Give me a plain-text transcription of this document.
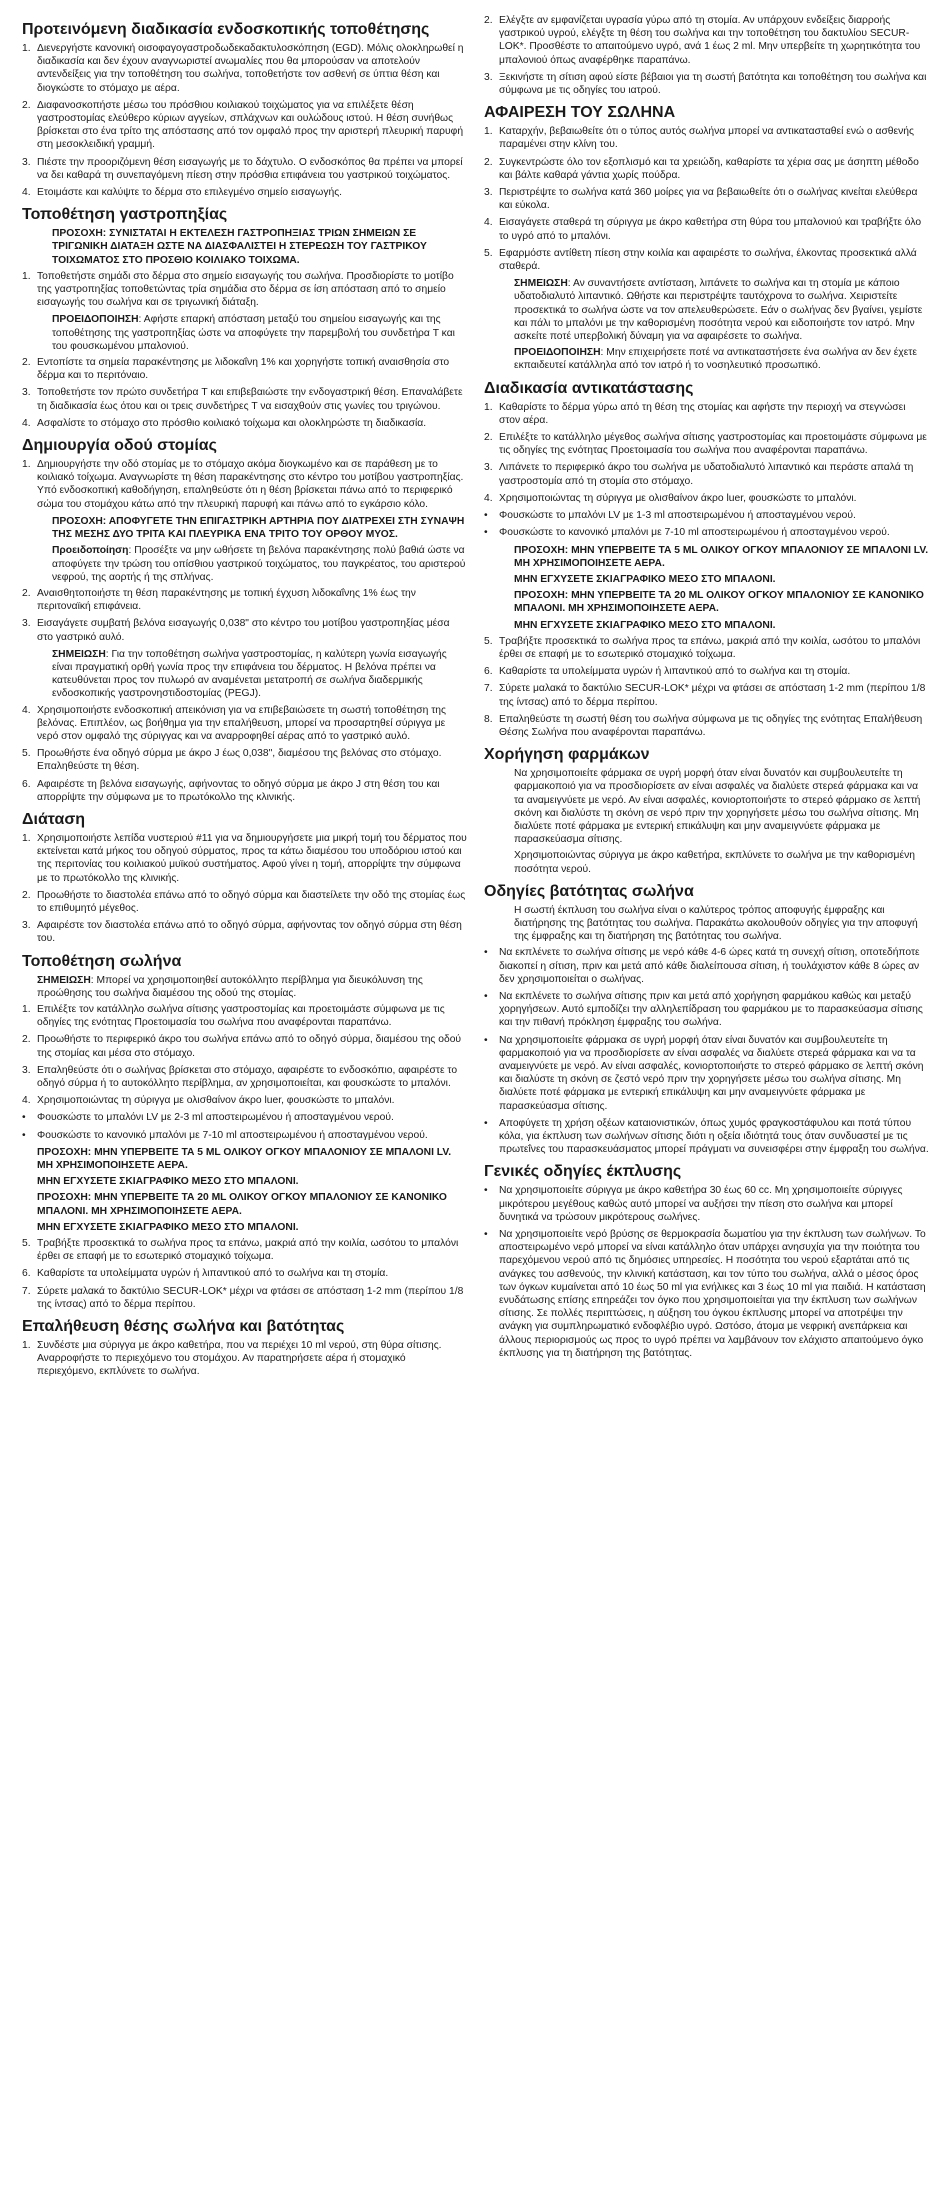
Προτεινόμενη διαδικασία ενδοσκοπικής τοποθέτησης
1. Διενεργήστε κανονική οισοφαγογαστροδωδεκαδακτυλοσκόπηση (EGD). Μόλις ολοκληρωθεί η διαδικασία και δεν έχουν αναγνωριστεί ανωμαλίες που θα μπορούσαν να αποτελούν αντενδείξεις για την τοποθέτηση του σωλήνα, τοποθετήστε τον ασθενή σε ύπτια θέση και διογκώστε το στόμαχο με αέρα.
2. Διαφανοσκοπήστε μέσω του πρόσθιου κοιλιακού τοιχώματος για να επιλέξετε θέση γαστροστομίας ελεύθερο κύριων αγγείων, σπλάχνων και ουλώδους ιστού. Η θέση συνήθως βρίσκεται στο ένα τρίτο της απόστασης από τον ομφαλό προς την αριστερή πλευρική παρυφή στη μεσοκλειδική γραμμή.
3. Πιέστε την προοριζόμενη θέση εισαγωγής με το δάχτυλο. Ο ενδοσκόπος θα πρέπει να μπορεί να δει καθαρά τη συνεπαγόμενη πίεση στην πρόσθια επιφάνεια του γαστρικού τοιχώματος.
4. Ετοιμάστε και καλύψτε το δέρμα στο επιλεγμένο σημείο εισαγωγής.
Τοποθέτηση γαστροπηξίας

ΠΡΟΣΟΧΗ: ΣΥΝΙΣΤΑΤΑΙ Η ΕΚΤΕΛΕΣΗ ΓΑΣΤΡΟΠΗΞΙΑΣ ΤΡΙΩΝ ΣΗΜΕΙΩΝ ΣΕ ΤΡΙΓΩΝΙΚΗ ΔΙΑΤΑΞΗ ΩΣΤΕ ΝΑ ΔΙΑΣΦΑΛΙΣΤΕΙ Η ΣΤΕΡΕΩΣΗ ΤΟΥ ΓΑΣΤΡΙΚΟΥ ΤΟΙΧΩΜΑΤΟΣ ΣΤΟ ΠΡΟΣΘΙΟ ΚΟΙΛΙΑΚΟ ΤΟΙΧΩΜΑ.

1. Τοποθετήστε σημάδι στο δέρμα στο σημείο εισαγωγής του σωλήνα. Προσδιορίστε το μοτίβο της γαστροπηξίας τοποθετώντας τρία σημάδια στο δέρμα σε ίση απόσταση από το σημείο εισαγωγής του σωλήνα και σε τριγωνική διάταξη.

ΠΡΟΕΙΔΟΠΟΙΗΣΗ: Αφήστε επαρκή απόσταση μεταξύ του σημείου εισαγωγής και της τοποθέτησης της γαστροπηξίας ώστε να αποφύγετε την παρεμβολή του συνδετήρα T και του φουσκωμένου μπαλονιού.

2. Εντοπίστε τα σημεία παρακέντησης με λιδοκαΐνη 1% και χορηγήστε τοπική αναισθησία στο δέρμα και το περιτόναιο.
3. Τοποθετήστε τον πρώτο συνδετήρα T και επιβεβαιώστε την ενδογαστρική θέση. Επαναλάβετε τη διαδικασία έως ότου και οι τρεις συνδετήρες T να εισαχθούν στις γωνίες του τριγώνου.
4. Ασφαλίστε το στόμαχο στο πρόσθιο κοιλιακό τοίχωμα και ολοκληρώστε τη διαδικασία.
Δημιουργία οδού στομίας
1. Δημιουργήστε την οδό στομίας με το στόμαχο ακόμα διογκωμένο και σε παράθεση με το κοιλιακό τοίχωμα. Αναγνωρίστε τη θέση παρακέντησης στο κέντρο του μοτίβου γαστροπηξίας. Υπό ενδοσκοπική καθοδήγηση, επαληθεύστε ότι η θέση βρίσκεται πάνω από το περιφερικό σώμα του στομάχου κάτω από την πλευρική παρυφή και πάνω από το εγκάρσιο κόλο.

ΠΡΟΣΟΧΗ: ΑΠΟΦΥΓΕΤΕ ΤΗΝ ΕΠΙΓΑΣΤΡΙΚΗ ΑΡΤΗΡΙΑ ΠΟΥ ΔΙΑΤΡΕΧΕΙ ΣΤΗ ΣΥΝΑΨΗ ΤΗΣ ΜΕΣΗΣ ΔΥΟ ΤΡΙΤΑ ΚΑΙ ΠΛΕΥΡΙΚΑ ΕΝΑ ΤΡΙΤΟ ΤΟΥ ΟΡΘΟΥ ΜΥΟΣ.

Προειδοποίηση: Προσέξτε να μην ωθήσετε τη βελόνα παρακέντησης πολύ βαθιά ώστε να αποφύγετε την τρώση του οπίσθιου γαστρικού τοιχώματος, του παγκρέατος, του αριστερού νεφρού, της αορτής ή της σπλήνας.

2. Αναισθητοποιήστε τη θέση παρακέντησης με τοπική έγχυση λιδοκαΐνης 1% έως την περιτοναϊκή επιφάνεια.
3. Εισαγάγετε συμβατή βελόνα εισαγωγής 0,038" στο κέντρο του μοτίβου γαστροπηξίας μέσα στο γαστρικό αυλό.

ΣΗΜΕΙΩΣΗ: Για την τοποθέτηση σωλήνα γαστροστομίας, η καλύτερη γωνία εισαγωγής είναι πραγματική ορθή γωνία προς την επιφάνεια του δέρματος. Η βελόνα πρέπει να κατευθύνεται προς τον πυλωρό αν αναμένεται μετατροπή σε σωλήνα διαδερμικής ενδοσκοπικής γαστρονηστιδοστομίας (PEGJ).

4. Χρησιμοποιήστε ενδοσκοπική απεικόνιση για να επιβεβαιώσετε τη σωστή τοποθέτηση της βελόνας. Επιπλέον, ως βοήθημα για την επαλήθευση, μπορεί να προσαρτηθεί σύριγγα με νερό στον ομφαλό της σύριγγας και να αναρροφηθεί αέρας από το γαστρικό αυλό.
5. Προωθήστε ένα οδηγό σύρμα με άκρο J έως 0,038", διαμέσου της βελόνας στο στόμαχο. Επαληθεύστε τη θέση.
6. Αφαιρέστε τη βελόνα εισαγωγής, αφήνοντας το οδηγό σύρμα με άκρο J στη θέση του και απορρίψτε την σύμφωνα με το πρωτόκολλο της κλινικής.
Διάταση
1. Χρησιμοποιήστε λεπίδα νυστεριού #11 για να δημιουργήσετε μια μικρή τομή του δέρματος που εκτείνεται κατά μήκος του οδηγού σύρματος, προς τα κάτω διαμέσου του υποδόριου ιστού και της περιτονίας του κοιλιακού μυϊκού συστήματος. Αφού γίνει η τομή, απορρίψτε την σύμφωνα με το πρωτόκολλο της κλινικής.
2. Προωθήστε το διαστολέα επάνω από το οδηγό σύρμα και διαστείλετε την οδό της στομίας έως το επιθυμητό μέγεθος.
3. Αφαιρέστε τον διαστολέα επάνω από το οδηγό σύρμα, αφήνοντας τον οδηγό σύρμα στη θέση του.
Τοποθέτηση σωλήνα

ΣΗΜΕΙΩΣΗ: Μπορεί να χρησιμοποιηθεί αυτοκόλλητο περίβλημα για διευκόλυνση της προώθησης του σωλήνα διαμέσου της οδού της στομίας.

1. Επιλέξτε τον κατάλληλο σωλήνα σίτισης γαστροστομίας και προετοιμάστε σύμφωνα με τις οδηγίες της ενότητας Προετοιμασία του σωλήνα που αναφέρονται παραπάνω.
2. Προωθήστε το περιφερικό άκρο του σωλήνα επάνω από το οδηγό σύρμα, διαμέσου της οδού της στομίας και μέσα στο στόμαχο.
3. Επαληθεύστε ότι ο σωλήνας βρίσκεται στο στόμαχο, αφαιρέστε το ενδοσκόπιο, αφαιρέστε το οδηγό σύρμα ή το αυτοκόλλητο περίβλημα, αν χρησιμοποιείται, και φουσκώστε το μπαλόνι.
4. Χρησιμοποιώντας τη σύριγγα με ολισθαίνον άκρο luer, φουσκώστε το μπαλόνι.
• Φουσκώστε το μπαλόνι LV με 2-3 ml αποστειρωμένου ή αποσταγμένου νερού.
• Φουσκώστε το κανονικό μπαλόνι με 7-10 ml αποστειρωμένου ή αποσταγμένου νερού.

ΠΡΟΣΟΧΗ: ΜΗΝ ΥΠΕΡΒΕΙΤΕ ΤΑ 5 ML ΟΛΙΚΟΥ ΟΓΚΟΥ ΜΠΑΛΟΝΙΟΥ ΣΕ ΜΠΑΛΟΝΙ LV. ΜΗ ΧΡΗΣΙΜΟΠΟΙΗΣΕΤΕ ΑΕΡΑ.

ΜΗΝ ΕΓΧΥΣΕΤΕ ΣΚΙΑΓΡΑΦΙΚΟ ΜΕΣΟ ΣΤΟ ΜΠΑΛΟΝΙ.

ΠΡΟΣΟΧΗ: ΜΗΝ ΥΠΕΡΒΕΙΤΕ ΤΑ 20 ML ΟΛΙΚΟΥ ΟΓΚΟΥ ΜΠΑΛΟΝΙΟΥ ΣΕ ΚΑΝΟΝΙΚΟ ΜΠΑΛΟΝΙ. ΜΗ ΧΡΗΣΙΜΟΠΟΙΗΣΕΤΕ ΑΕΡΑ.

ΜΗΝ ΕΓΧΥΣΕΤΕ ΣΚΙΑΓΡΑΦΙΚΟ ΜΕΣΟ ΣΤΟ ΜΠΑΛΟΝΙ.

5. Τραβήξτε προσεκτικά το σωλήνα προς τα επάνω, μακριά από την κοιλία, ωσότου το μπαλόνι έρθει σε επαφή με το εσωτερικό στομαχικό τοίχωμα.
6. Καθαρίστε τα υπολείμματα υγρών ή λιπαντικού από το σωλήνα και τη στομία.
7. Σύρετε μαλακά το δακτύλιο SECUR-LOK* μέχρι να φτάσει σε απόσταση 1-2 mm (περίπου 1/8 της ίντσας) από το δέρμα περίπου.
Επαλήθευση θέσης σωλήνα και βατότητας
1. Συνδέστε μια σύριγγα με άκρο καθετήρα, που να περιέχει 10 ml νερού, στη θύρα σίτισης. Αναρροφήστε το περιεχόμενο του στομάχου. Αν παρατηρήσετε αέρα ή στομαχικό περιεχόμενο, εκπλύνετε το σωλήνα.
2. Ελέγξτε αν εμφανίζεται υγρασία γύρω από τη στομία. Αν υπάρχουν ενδείξεις διαρροής γαστρικού υγρού, ελέγξτε τη θέση του σωλήνα και την τοποθέτηση του δακτυλίου SECUR-LOK*. Προσθέστε το απαιτούμενο υγρό, ανά 1 έως 2 ml. Μην υπερβείτε τη χωρητικότητα του μπαλονιού όπως αναφέρθηκε παραπάνω.
3. Ξεκινήστε τη σίτιση αφού είστε βέβαιοι για τη σωστή βατότητα και τοποθέτηση του σωλήνα και σύμφωνα με τις οδηγίες του ιατρού.
ΑΦΑΙΡΕΣΗ ΤΟΥ ΣΩΛΗΝΑ
1. Καταρχήν, βεβαιωθείτε ότι ο τύπος αυτός σωλήνα μπορεί να αντικατασταθεί ενώ ο ασθενής παραμένει στην κλίνη του.
2. Συγκεντρώστε όλο τον εξοπλισμό και τα χρειώδη, καθαρίστε τα χέρια σας με άσηπτη μέθοδο και βάλτε καθαρά γάντια χωρίς πούδρα.
3. Περιστρέψτε το σωλήνα κατά 360 μοίρες για να βεβαιωθείτε ότι ο σωλήνας κινείται ελεύθερα και εύκολα.
4. Εισαγάγετε σταθερά τη σύριγγα με άκρο καθετήρα στη θύρα του μπαλονιού και τραβήξτε όλο το υγρό από το μπαλόνι.
5. Εφαρμόστε αντίθετη πίεση στην κοιλία και αφαιρέστε το σωλήνα, έλκοντας προσεκτικά αλλά σταθερά.

ΣΗΜΕΙΩΣΗ: Αν συναντήσετε αντίσταση, λιπάνετε το σωλήνα και τη στομία με κάποιο υδατοδιαλυτό λιπαντικό. Ωθήστε και περιστρέψτε ταυτόχρονα το σωλήνα. Χειριστείτε προσεκτικά το σωλήνα ώστε να τον απελευθερώσετε. Εάν ο σωλήνας δεν βγαίνει, γεμίστε και πάλι το μπαλόνι με την καθορισμένη ποσότητα νερού και ειδοποιήστε τον ιατρό. Μην ασκείτε ποτέ υπερβολική δύναμη για να αφαιρέσετε το σωλήνα.

ΠΡΟΕΙΔΟΠΟΙΗΣΗ: Μην επιχειρήσετε ποτέ να αντικαταστήσετε ένα σωλήνα αν δεν έχετε εκπαιδευτεί κατάλληλα από τον ιατρό ή το νοσηλευτικό προσωπικό.

Διαδικασία αντικατάστασης
1. Καθαρίστε το δέρμα γύρω από τη θέση της στομίας και αφήστε την περιοχή να στεγνώσει στον αέρα.
2. Επιλέξτε το κατάλληλο μέγεθος σωλήνα σίτισης γαστροστομίας και προετοιμάστε σύμφωνα με τις οδηγίες της ενότητας Προετοιμασία του σωλήνα που αναφέρονται παραπάνω.
3. Λιπάνετε το περιφερικό άκρο του σωλήνα με υδατοδιαλυτό λιπαντικό και περάστε απαλά τη γαστροστομία από τη στομία στο στόμαχο.
4. Χρησιμοποιώντας τη σύριγγα με ολισθαίνον άκρο luer, φουσκώστε το μπαλόνι.
• Φουσκώστε το μπαλόνι LV με 1-3 ml αποστειρωμένου ή αποσταγμένου νερού.
• Φουσκώστε το κανονικό μπαλόνι με 7-10 ml αποστειρωμένου ή αποσταγμένου νερού.

ΠΡΟΣΟΧΗ: ΜΗΝ ΥΠΕΡΒΕΙΤΕ ΤΑ 5 ML ΟΛΙΚΟΥ ΟΓΚΟΥ ΜΠΑΛΟΝΙΟΥ ΣΕ ΜΠΑΛΟΝΙ LV. ΜΗ ΧΡΗΣΙΜΟΠΟΙΗΣΕΤΕ ΑΕΡΑ.

ΜΗΝ ΕΓΧΥΣΕΤΕ ΣΚΙΑΓΡΑΦΙΚΟ ΜΕΣΟ ΣΤΟ ΜΠΑΛΟΝΙ.

ΠΡΟΣΟΧΗ: ΜΗΝ ΥΠΕΡΒΕΙΤΕ ΤΑ 20 ML ΟΛΙΚΟΥ ΟΓΚΟΥ ΜΠΑΛΟΝΙΟΥ ΣΕ ΚΑΝΟΝΙΚΟ ΜΠΑΛΟΝΙ. ΜΗ ΧΡΗΣΙΜΟΠΟΙΗΣΕΤΕ ΑΕΡΑ.

ΜΗΝ ΕΓΧΥΣΕΤΕ ΣΚΙΑΓΡΑΦΙΚΟ ΜΕΣΟ ΣΤΟ ΜΠΑΛΟΝΙ.

5. Τραβήξτε προσεκτικά το σωλήνα προς τα επάνω, μακριά από την κοιλία, ωσότου το μπαλόνι έρθει σε επαφή με το εσωτερικό στομαχικό τοίχωμα.
6. Καθαρίστε τα υπολείμματα υγρών ή λιπαντικού από το σωλήνα και τη στομία.
7. Σύρετε μαλακά το δακτύλιο SECUR-LOK* μέχρι να φτάσει σε απόσταση 1-2 mm (περίπου 1/8 της ίντσας) από το δέρμα περίπου.
8. Επαληθεύστε τη σωστή θέση του σωλήνα σύμφωνα με τις οδηγίες της ενότητας Επαλήθευση Θέσης Σωλήνα που αναφέρονται παραπάνω.
Χορήγηση φαρμάκων

Να χρησιμοποιείτε φάρμακα σε υγρή μορφή όταν είναι δυνατόν και συμβουλευτείτε τη φαρμακοποιό για να προσδιορίσετε αν είναι ασφαλές να διαλύετε στερεά φάρμακα και να τα αναμειγνύετε με νερό. Αν είναι ασφαλές, κονιορτοποιήστε το στερεό φάρμακο σε λεπτή σκόνη και διαλύστε τη σκόνη σε νερό πριν την χορηγήσετε μέσω του σωλήνα σίτισης. Μη διαλύετε ποτέ φάρμακα με εντερική επικάλυψη και μην αναμειγνύετε φάρμακα με παρασκεύασμα σίτισης.

Χρησιμοποιώντας σύριγγα με άκρο καθετήρα, εκπλύνετε το σωλήνα με την καθορισμένη ποσότητα νερού.

Οδηγίες βατότητας σωλήνα

Η σωστή έκπλυση του σωλήνα είναι ο καλύτερος τρόπος αποφυγής έμφραξης και διατήρησης της βατότητας του σωλήνα. Παρακάτω ακολουθούν οδηγίες για την αποφυγή της έμφραξης και τη διατήρηση της βατότητας του σωλήνα.

• Να εκπλένετε το σωλήνα σίτισης με νερό κάθε 4-6 ώρες κατά τη συνεχή σίτιση, οποτεδήποτε διακοπεί η σίτιση, πριν και μετά από κάθε διαλείπουσα σίτιση, ή τουλάχιστον κάθε 8 ώρες αν δεν χρησιμοποιείται ο σωλήνας.
• Να εκπλένετε το σωλήνα σίτισης πριν και μετά από χορήγηση φαρμάκου καθώς και μεταξύ χορηγήσεων. Αυτό εμποδίζει την αλληλεπίδραση του φαρμάκου με το παρασκεύασμα σίτισης και την πιθανή πρόκληση έμφραξης του σωλήνα.
• Να χρησιμοποιείτε φάρμακα σε υγρή μορφή όταν είναι δυνατόν και συμβουλευτείτε τη φαρμακοποιό για να προσδιορίσετε αν είναι ασφαλές να διαλύετε στερεά φάρμακα και να τα αναμειγνύετε με νερό. Αν είναι ασφαλές, κονιορτοποιήστε το στερεό φάρμακο σε λεπτή σκόνη και διαλύστε τη σκόνη σε ζεστό νερό πριν την χορηγήσετε μέσω του σωλήνα σίτισης. Μη διαλύετε ποτέ φάρμακα με εντερική επικάλυψη και μην αναμειγνύετε φάρμακα με παρασκεύασμα σίτισης.
• Αποφύγετε τη χρήση οξέων καταιονιστικών, όπως χυμός φραγκοστάφυλου και ποτά τύπου κόλα, για έκπλυση των σωλήνων σίτισης διότι η οξεία ιδιότητά τους όταν συνδυαστεί με τις πρωτεΐνες του παρασκευάσματος μπορεί πράγματι να συνεισφέρει στην έμφραξη του σωλήνα.
Γενικές οδηγίες έκπλυσης
• Να χρησιμοποιείτε σύριγγα με άκρο καθετήρα 30 έως 60 cc. Μη χρησιμοποιείτε σύριγγες μικρότερου μεγέθους καθώς αυτό μπορεί να αυξήσει την πίεση στο σωλήνα και μπορεί δυνητικά να τρώσουν μικρότερους σωλήνες.
• Να χρησιμοποιείτε νερό βρύσης σε θερμοκρασία δωματίου για την έκπλυση των σωλήνων. Το αποστειρωμένο νερό μπορεί να είναι κατάλληλο όταν υπάρχει ανησυχία για την ποιότητα του παρεχόμενου νερού από τις δημόσιες υπηρεσίες. Η ποσότητα του νερού εξαρτάται από τις ανάγκες του ασθενούς, την κλινική κατάσταση, και τον τύπο του σωλήνα, αλλά ο μέσος όρος των όγκων κυμαίνεται από 10 έως 50 ml για ενήλικες και 3 έως 10 ml για παιδιά. Η κατάσταση ενυδάτωσης επίσης επηρεάζει τον όγκο που χρησιμοποιείται για την έκπλυση των σωλήνων σίτισης. Σε πολλές περιπτώσεις, η αύξηση του όγκου έκπλυσης μπορεί να αποτρέψει την ανάγκη για συμπληρωματικό ενδοφλέβιο υγρό. Ωστόσο, άτομα με νεφρική ανεπάρκεια και άλλους περιορισμούς ως προς το υγρό πρέπει να λαμβάνουν τον ελάχιστο απαιτούμενο όγκο έκπλυσης για τη διατήρηση της βατότητας.
